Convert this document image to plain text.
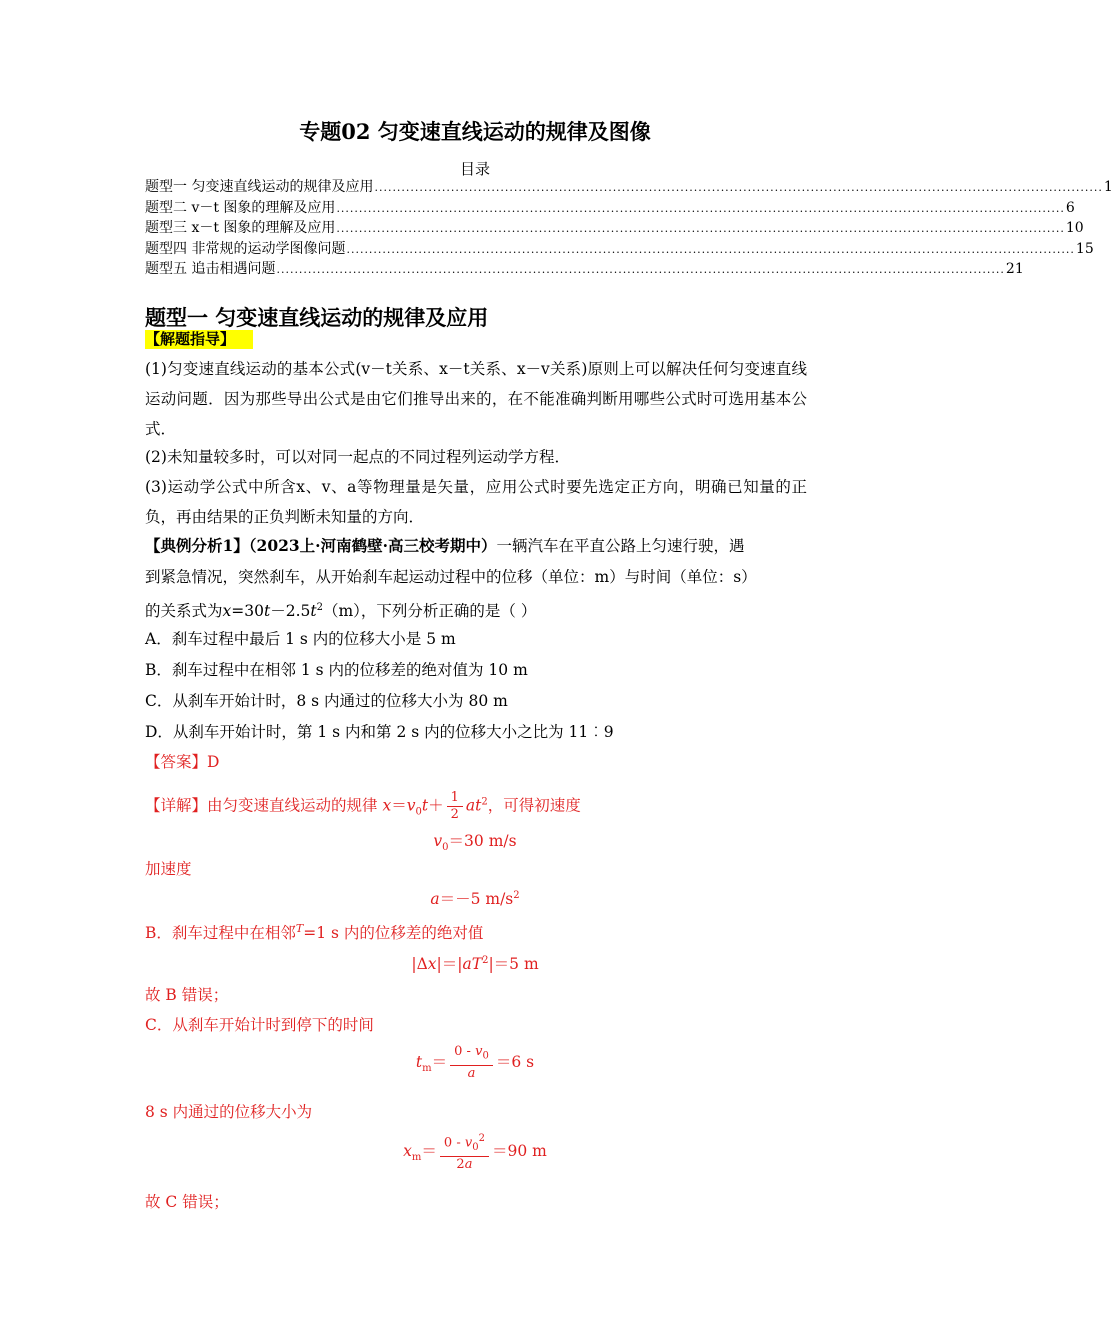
专题02 匀变速直线运动的规律及图像
目录
题型一 匀变速直线运动的规律及应用 .................................................................................................................................................................. 1
题型二 v－t 图象的理解及应用 .................................................................................................................................................................. 6
题型三 x－t 图象的理解及应用 .................................................................................................................................................................. 10
题型四 非常规的运动学图像问题 .................................................................................................................................................................. 15
题型五 追击相遇问题 .................................................................................................................................................................. 21
题型一 匀变速直线运动的规律及应用
【解题指导】
(1)匀变速直线运动的基本公式(v－t关系、x－t关系、x－v关系)原则上可以解决任何匀变速直线运动问题．因为那些导出公式是由它们推导出来的，在不能准确判断用哪些公式时可选用基本公式．
(2)未知量较多时，可以对同一起点的不同过程列运动学方程．
(3)运动学公式中所含x、v、a等物理量是矢量，应用公式时要先选定正方向，明确已知量的正负，再由结果的正负判断未知量的方向．
【典例分析1】（2023上·河南鹤壁·高三校考期中）一辆汽车在平直公路上匀速行驶，遇
到紧急情况，突然刹车，从开始刹车起运动过程中的位移（单位：m）与时间（单位：s）
的关系式为$x=30t-2.5t^2(m)$，下列分析正确的是（ ）
A．刹车过程中最后 1 s 内的位移大小是 5 m
B．刹车过程中在相邻 1 s 内的位移差的绝对值为 10 m
C．从刹车开始计时，8 s 内通过的位移大小为 80 m
D．从刹车开始计时，第 1 s 内和第 2 s 内的位移大小之比为 11︰9
【答案】D
【详解】由匀变速直线运动的规律 $x=v_0t+ \frac{1}{2} at^2$，可得初速度
$v_0=30$ m/s
加速度
a＝－5 $m/s^2$
B．刹车过程中在相邻$^T$=1 s 内的位移差的绝对值
$|\Delta x|=|aT^2|=5$ m
故 B 错误；
C．从刹车开始计时到停下的时间
$t_m= \frac{0 - v_0}{a} =6$ s
8 s 内通过的位移大小为
$x_m= \frac{0 - v_0^2}{2a} =90$ m
故 C 错误；
